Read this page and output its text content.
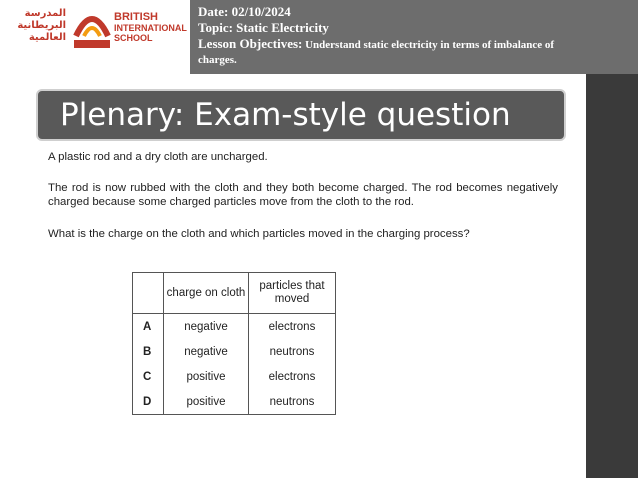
المدرسة
البريطانية
العالمية
BRITISH
INTERNATIONAL
SCHOOL
Date: 02/10/2024
Topic: Static Electricity
Lesson Objectives: Understand static electricity in terms of imbalance of charges.
Plenary: Exam-style question
A plastic rod and a dry cloth are uncharged.
The rod is now rubbed with the cloth and they both become charged. The rod becomes negatively charged because some charged particles move from the cloth to the rod.
What is the charge on the cloth and which particles moved in the charging process?
	charge on cloth	particles that moved
A	negative	electrons
B	negative	neutrons
C	positive	electrons
D	positive	neutrons
